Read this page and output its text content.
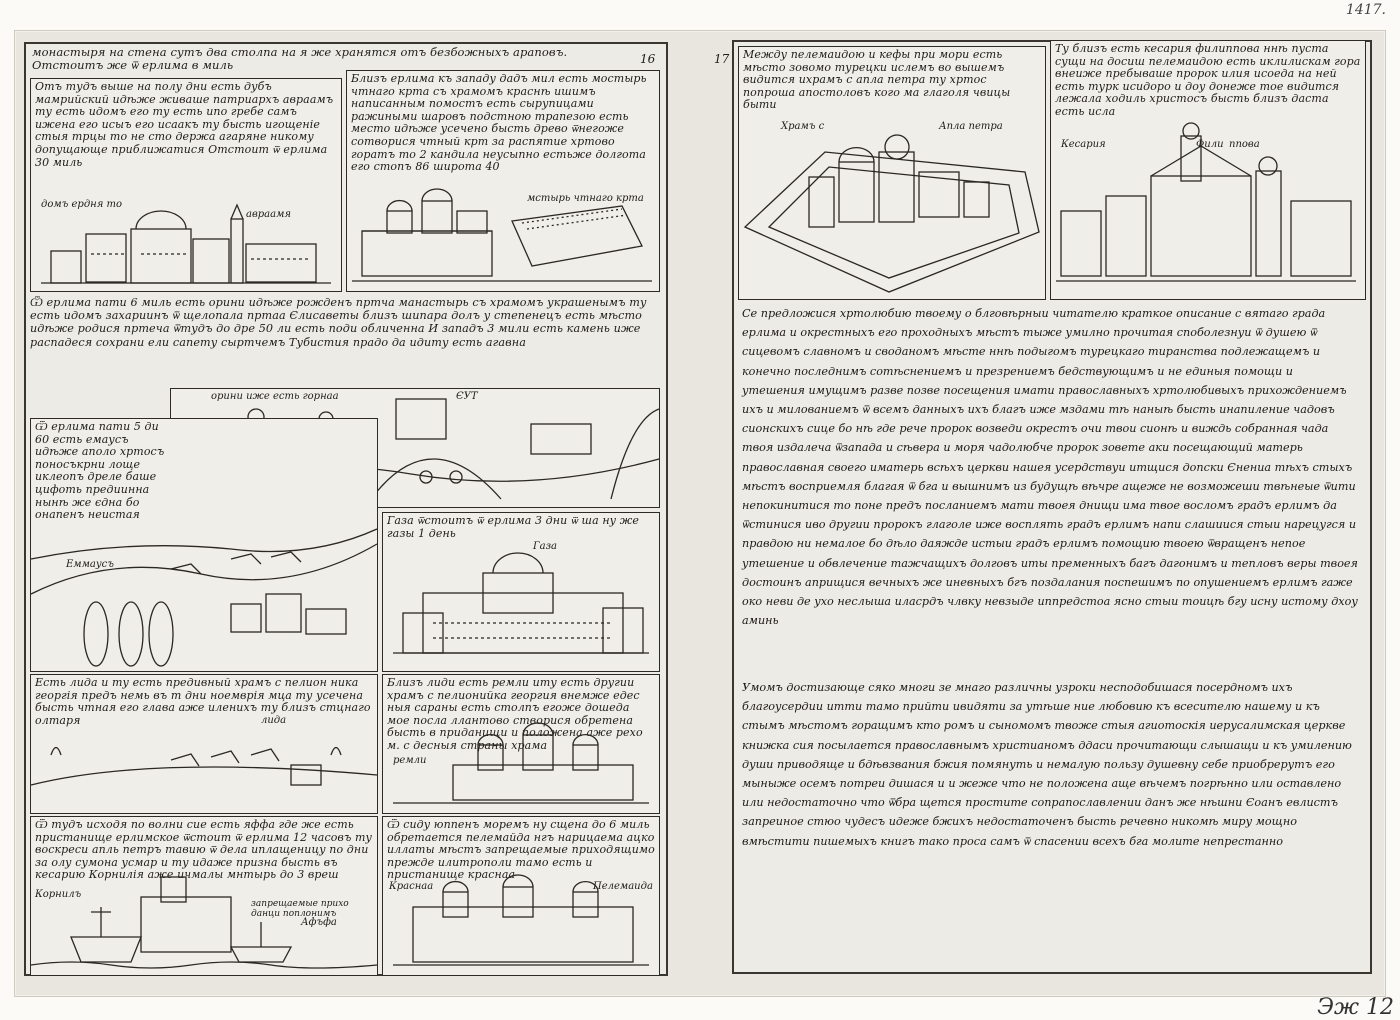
1417.
Эж 12
монастыря на стена сутъ два столпа на я же хранятся отъ безбожныхъ араповъ. Отстоитъ же ѿ ерлима в миль	16
Отъ тудъ выше на полу дни есть дубъ мамрийский идѣже живаше патриархъ авраамъ ту есть идомъ его ту есть ипо гребе самъ ижена его исыъ его исаакъ ту бысть игощеніе стыя трцы то не сто держа агаряне никому допущающе приближатися Отстоит ѿ ерлима 30 миль
домъ ердня то
авраамя
Близъ ерлима къ западу дадъ мил есть мостырь чтнаго крта съ храмомъ краснѣ ишимъ написанным помостъ есть сырупицами ражиными шаровъ подстною трапезою есть место идѣже усечено бысть древо ѿнегоже сотворися чтный крт за распятие хртово горатъ то 2 кандила неусыпно естьже долгота его стопъ 86 широта 40
мстырь чтнаго крта
Ѿ ерлима пати 6 миль есть орини идѣже рожденъ пртча манастырь съ храмомъ украшенымъ ту есть идомъ захариинъ ѿ щелопала пртаа Єлисаветы близъ шипара долъ у степенецъ есть мѣсто идѣже родися пртеча ѿтудъ до дре 50 ли есть поди обличенна И западъ 3 мили есть камень иже распадеся сохрани ели сапету сыртчемъ Тубистия прадо да идиту есть агавна
орини иже есть горнаа	ЄУТ
Ѿ ерлима пати 5 ди 60 есть емаусъ идѣже аполо хртосъ поносъкрни лоще иклеопъ дреле баше цифоть предиинна нынѣ же єдна бо онапенъ неистая
Еммаусъ
Газа ѿстоитъ ѿ ерлима 3 дни ѿ ша ну же газы 1 день
Газа
Есть лида и ту есть предивный храмъ с пелион ника георгія предъ немь въ т дни ноемврія мца ту усечена бысть чтная его глава аже иленихъ ту близъ стцнаго олтаря	лида
Близъ лиди есть ремли иту есть другии храмъ с пелионийка георгия внемже едес ныя сараны есть столпъ егоже дошеда мое посла ллантово створися обретена бысть в приданищи и положена аже рехо м. с десныя страны храма
ремли
Ѿ тудъ исходя по волни сие есть яффа где же есть пристанище ерлимское ѿстоит ѿ ерлима 12 часовъ ту воскреси апль петръ тавию ѿ дела иплащеницу по дни за олу сумона усмар и ту идаже призна бысть въ кесарию Корнилія аже ичмалы мнтырь до 3 вреш
Корнилъ
Афъфа
запрещаемые прихо данци поплонимъ
Ѿ сиду юппенъ моремъ ну сщена до 6 миль обретается пелемайда нгъ нарицаема ацко иллаты мѣстъ запрещаемые приходящимо прежде илитрополи тамо есть и пристанище краснаа
Краснаа	Пелемаида
17 Между пелемаидою и кефы при мори есть мѣсто зовомо турецки ислемъ во вышемъ видится ихрамъ с апла петра ту хртос попроша апостоловъ кого ма глаголя чвицы быти
Храмъ с	Апла петра
Ту близъ есть кесария филиппова ннѣ пуста сущи на досиш пелемаидою есть иклилискам гора внеиже пребываше пророк илия исоеда на ней есть турк исидоро и доу донеже тое видится лежала ходиль христосъ бысть близъ даста есть исла
Кесария	Фили ппова
Се предложися хртолюбию твоему о блговѣрныи читателю краткое описание с вятаго града ерлима и окрестныхъ его проходныхъ мѣстъ тыже умилно прочитая споболезнуи ѿ душею ѿ сицевомъ славномъ и своданомъ мѣсте ннѣ подыгомъ турецкаго тиранства подлежащемъ и конечно последнимъ сотѣснениемъ и презрениемъ бедствующимъ и не единыя помощи и утешения имущимъ разве позве посещения имати православныхъ хртолюбивыхъ прихождениемъ ихъ и милованиемъ ѿ всемъ данныхъ ихъ благъ иже мздами тѣ наныѣ бысть инапиление чадовъ сионскихъ сице бо нѣ где рече пророк возведи окрестъ очи твои сионѣ и виждь собранная чада твоя издалеча ѿзапада и сѣвера и моря чадолюбче пророк зовете аки посещающий матерь православная своего иматерь всѣхъ церкви нашея усердствуи итщися допски Єнениа тѣхъ стыхъ мѣстъ восприемля благая ѿ бга и вышнимъ из будущѣ вѣчре ащеже не возможеши твѣнеые ѿити непокинитися то поне предъ посланиемъ мати твоея днищи има твое восломъ градъ ерлимъ да ѿстинися иво другии пророкъ глаголе иже восплять градъ ерлимъ напи слашиися стыи нарецугся и правдою ни немалое бо дѣло даяжде истыи градъ ерлимъ помощию твоею ѿвращенъ непое утешение и обвлечение тажчащихъ долговъ иты пременныхъ багъ дагонимъ и тепловъ веры твоея достоинъ априщися вечныхъ же иневныхъ бгъ поздалания поспешимъ по опушениемъ ерлимъ гаже око неви де ухо неслыша иласрдъ члвку невзыде иппредстоа ясно стыи тоицѣ бгу исну истому дхоу аминь
Умомъ достизающе сяко многи зе мнаго различны узроки несподобишася посердномъ ихъ благоусердии итти тамо прийти ивидяти за утѣше ние любовию къ всесителю нашему и къ стымъ мѣстомъ горащимъ кто ромъ и сыномомъ твоже стыя агиотоскія иерусалимская церкве книжка сия посылается православнымъ христианомъ ддаси прочитающи слышащи и къ умилению души приводяще и бдѣвзвания бжия помянуть и немалую пользу душевну себе приобрерутъ его мыныже осемъ потреи дишася и и жеже что не положена аще вѣчемъ погрѣнно или оставлено или недостаточно что ѿбра щется простите сопрапославлении данъ же нѣшни Єоанъ евлистъ запреиное стюо чудесъ идеже бжихъ недостаточенъ бысть речевно никомѣ миру мощно вмѣстити пишемыхъ книгъ тако проса самъ ѿ спасении всехъ бга молите непрестанно
